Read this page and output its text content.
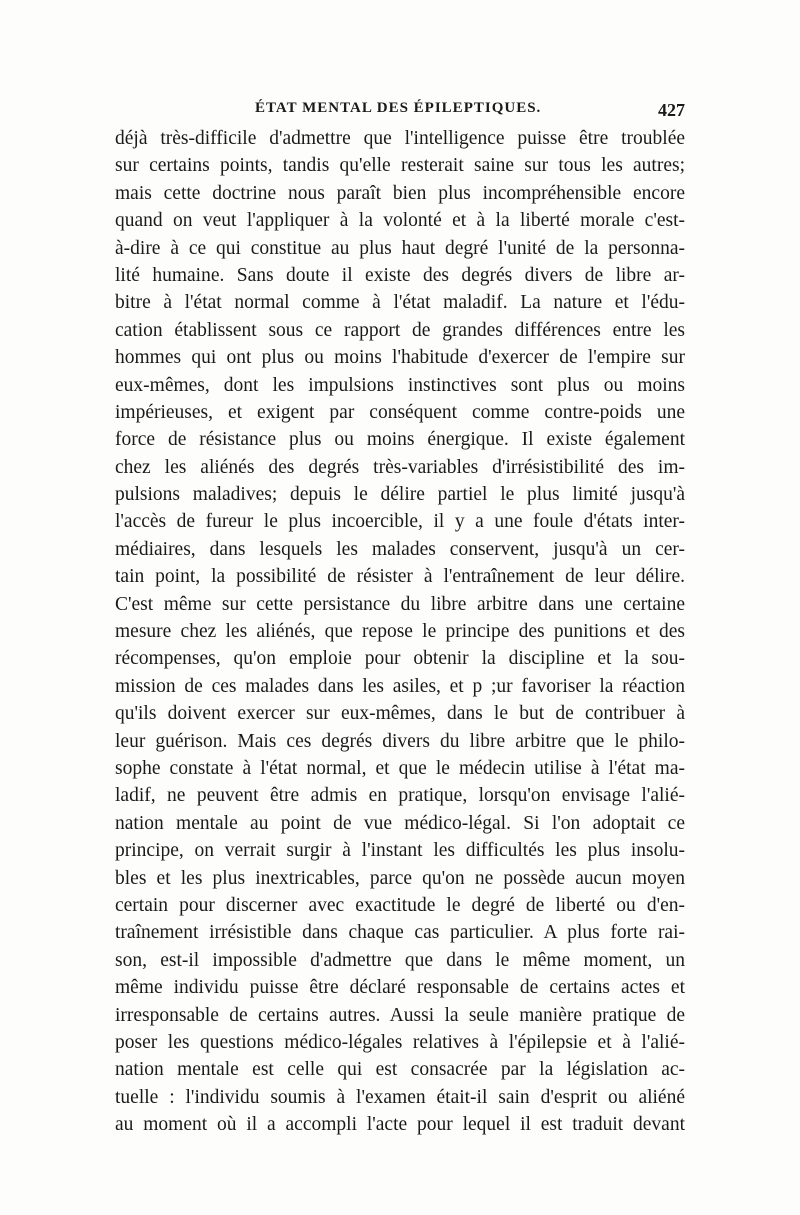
ÉTAT MENTAL DES ÉPILEPTIQUES.	427
déjà très-difficile d'admettre que l'intelligence puisse être troublée
sur certains points, tandis qu'elle resterait saine sur tous les autres;
mais cette doctrine nous paraît bien plus incompréhensible encore
quand on veut l'appliquer à la volonté et à la liberté morale c'est-
à-dire à ce qui constitue au plus haut degré l'unité de la personna-
lité humaine. Sans doute il existe des degrés divers de libre ar-
bitre à l'état normal comme à l'état maladif. La nature et l'édu-
cation établissent sous ce rapport de grandes différences entre les
hommes qui ont plus ou moins l'habitude d'exercer de l'empire sur
eux-mêmes, dont les impulsions instinctives sont plus ou moins
impérieuses, et exigent par conséquent comme contre-poids une
force de résistance plus ou moins énergique. Il existe également
chez les aliénés des degrés très-variables d'irrésistibilité des im-
pulsions maladives; depuis le délire partiel le plus limité jusqu'à
l'accès de fureur le plus incoercible, il y a une foule d'états inter-
médiaires, dans lesquels les malades conservent, jusqu'à un cer-
tain point, la possibilité de résister à l'entraînement de leur délire.
C'est même sur cette persistance du libre arbitre dans une certaine
mesure chez les aliénés, que repose le principe des punitions et des
récompenses, qu'on emploie pour obtenir la discipline et la sou-
mission de ces malades dans les asiles, et p ;ur favoriser la réaction
qu'ils doivent exercer sur eux-mêmes, dans le but de contribuer à
leur guérison. Mais ces degrés divers du libre arbitre que le philo-
sophe constate à l'état normal, et que le médecin utilise à l'état ma-
ladif, ne peuvent être admis en pratique, lorsqu'on envisage l'alié-
nation mentale au point de vue médico-légal. Si l'on adoptait ce
principe, on verrait surgir à l'instant les difficultés les plus insolu-
bles et les plus inextricables, parce qu'on ne possède aucun moyen
certain pour discerner avec exactitude le degré de liberté ou d'en-
traînement irrésistible dans chaque cas particulier. A plus forte rai-
son, est-il impossible d'admettre que dans le même moment, un
même individu puisse être déclaré responsable de certains actes et
irresponsable de certains autres. Aussi la seule manière pratique de
poser les questions médico-légales relatives à l'épilepsie et à l'alié-
nation mentale est celle qui est consacrée par la législation ac-
tuelle : l'individu soumis à l'examen était-il sain d'esprit ou aliéné
au moment où il a accompli l'acte pour lequel il est traduit devant
